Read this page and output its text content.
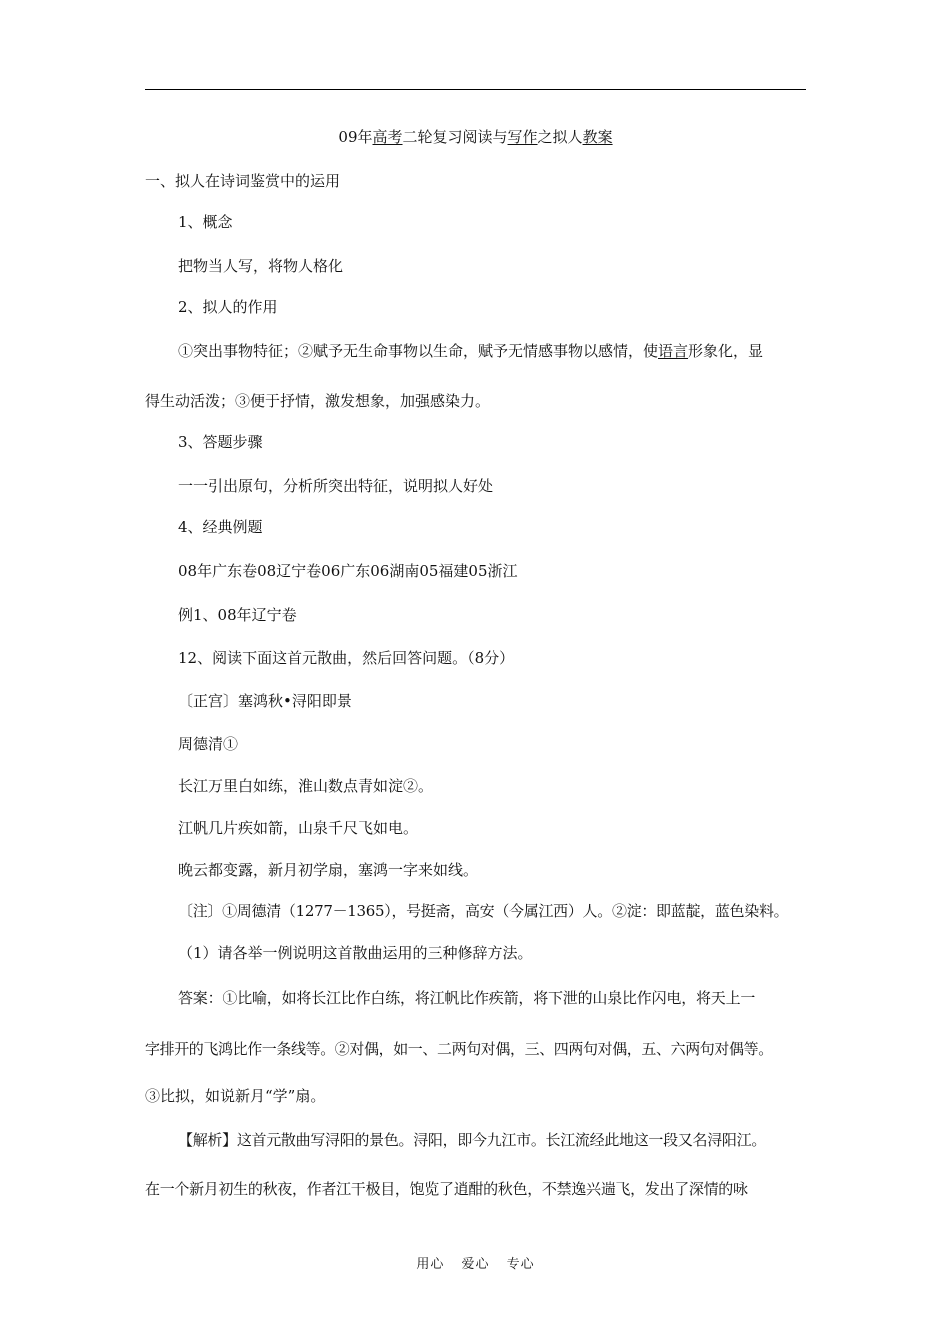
09年高考二轮复习阅读与写作之拟人教案
一、拟人在诗词鉴赏中的运用
1、概念
把物当人写，将物人格化
2、拟人的作用
①突出事物特征；②赋予无生命事物以生命，赋予无情感事物以感情，使语言形象化，显
得生动活泼；③便于抒情，激发想象，加强感染力。
3、答题步骤
一一引出原句，分析所突出特征，说明拟人好处
4、经典例题
08年广东卷08辽宁卷06广东06湖南05福建05浙江
例1、08年辽宁卷
12、阅读下面这首元散曲，然后回答问题。（8分）
〔正宫〕塞鸿秋•浔阳即景
周德清①
长江万里白如练，淮山数点青如淀②。
江帆几片疾如箭，山泉千尺飞如电。
晚云都变露，新月初学扇，塞鸿一字来如线。
〔注〕①周德清（1277－1365），号挺斋，高安（今属江西）人。②淀：即蓝靛，蓝色染料。
（1）请各举一例说明这首散曲运用的三种修辞方法。
答案：①比喻，如将长江比作白练，将江帆比作疾箭，将下泄的山泉比作闪电，将天上一
字排开的飞鸿比作一条线等。②对偶，如一、二两句对偶，三、四两句对偶，五、六两句对偶等。
③比拟，如说新月“学”扇。
【解析】这首元散曲写浔阳的景色。浔阳，即今九江市。长江流经此地这一段又名浔阳江。
在一个新月初生的秋夜，作者江干极目，饱览了逍酣的秋色，不禁逸兴遄飞，发出了深情的咏
用心 爱心 专心
